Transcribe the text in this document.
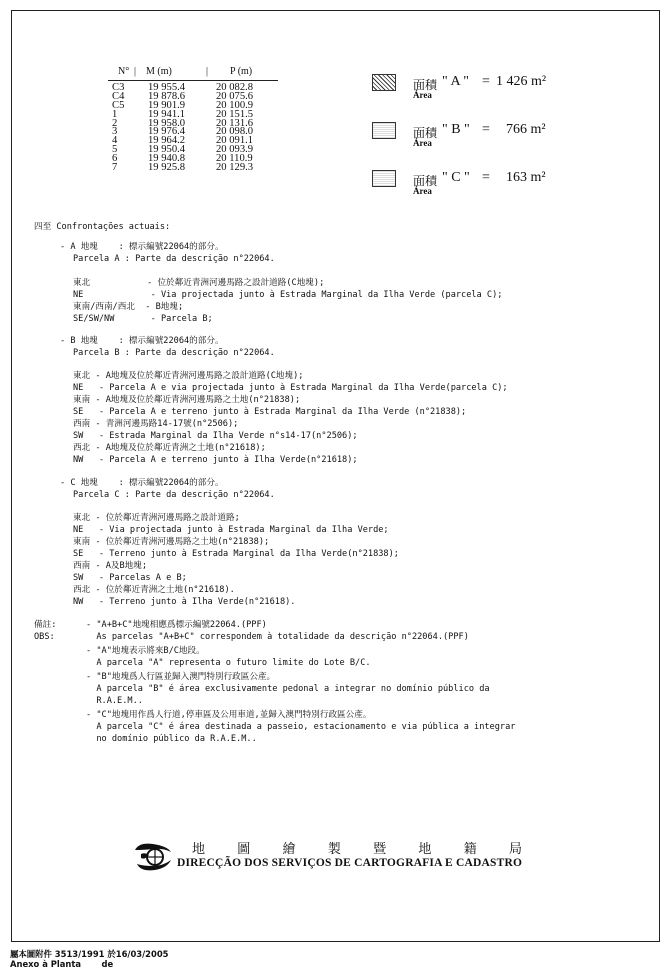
N° | M (m)	| P (m)
C3 19 955.4	20 082.8
C4 19 878.6	20 075.6
C5 19 901.9	20 100.9
1	19 941.1	20 151.5
2	19 958.0	20 131.6
3	19 976.4	20 098.0
4	19 964.2	20 091.1
5	19 950.4	20 093.9
6	19 940.8	20 110.9
7	19 925.8	20 129.3
面積 " A " = 1 426 m²
Área
面積 " B " = 766 m²
Área
面積 " C " = 163 m²
Área
四至 Confrontações actuais:
- A 地塊    : 標示編號22064的部分。
Parcela A : Parte da descrição n°22064.
東北           - 位於鄰近青洲河邊馬路之設計道路(C地塊);
NE             - Via projectada junto à Estrada Marginal da Ilha Verde (parcela C);
東南/西南/西北  - B地塊;
SE/SW/NW       - Parcela B;
- B 地塊    : 標示編號22064的部分。
Parcela B : Parte da descrição n°22064.
東北 - A地塊及位於鄰近青洲河邊馬路之設計道路(C地塊);
NE   - Parcela A e via projectada junto à Estrada Marginal da Ilha Verde(parcela C);
東南 - A地塊及位於鄰近青洲河邊馬路之土地(n°21838);
SE   - Parcela A e terreno junto à Estrada Marginal da Ilha Verde (n°21838);
西南 - 青洲河邊馬路14-17號(n°2506);
SW   - Estrada Marginal da Ilha Verde n°s14-17(n°2506);
西北 - A地塊及位於鄰近青洲之土地(n°21618);
NW   - Parcela A e terreno junto à Ilha Verde(n°21618);
- C 地塊    : 標示編號22064的部分。
Parcela C : Parte da descrição n°22064.
東北 - 位於鄰近青洲河邊馬路之設計道路;
NE   - Via projectada junto à Estrada Marginal da Ilha Verde;
東南 - 位於鄰近青洲河邊馬路之土地(n°21838);
SE   - Terreno junto à Estrada Marginal da Ilha Verde(n°21838);
西南 - A及B地塊;
SW   - Parcelas A e B;
西北 - 位於鄰近青洲之土地(n°21618).
NW   - Terreno junto à Ilha Verde(n°21618).
備註:
OBS:
- "A+B+C"地塊相應爲標示編號22064.(PPF)
As parcelas "A+B+C" correspondem à totalidade da descrição n°22064.(PPF)
- "A"地塊表示將來B/C地段。
A parcela "A" representa o futuro limite do Lote B/C.
- "B"地塊爲人行區並歸入澳門特別行政區公產。
A parcela "B" é área exclusivamente pedonal a integrar no domínio público da
R.A.E.M..
- "C"地塊用作爲人行道,停車區及公用車道,並歸入澳門特別行政區公產。
A parcela "C" é área destinada a passeio, estacionamento e via pública a integrar
no domínio público da R.A.E.M..
地 圖 繪 製 暨 地 籍 局
DIRECÇÃO DOS SERVIÇOS DE CARTOGRAFIA E CADASTRO
屬本圖附件 3513/1991 於16/03/2005
Anexo à Planta       de
